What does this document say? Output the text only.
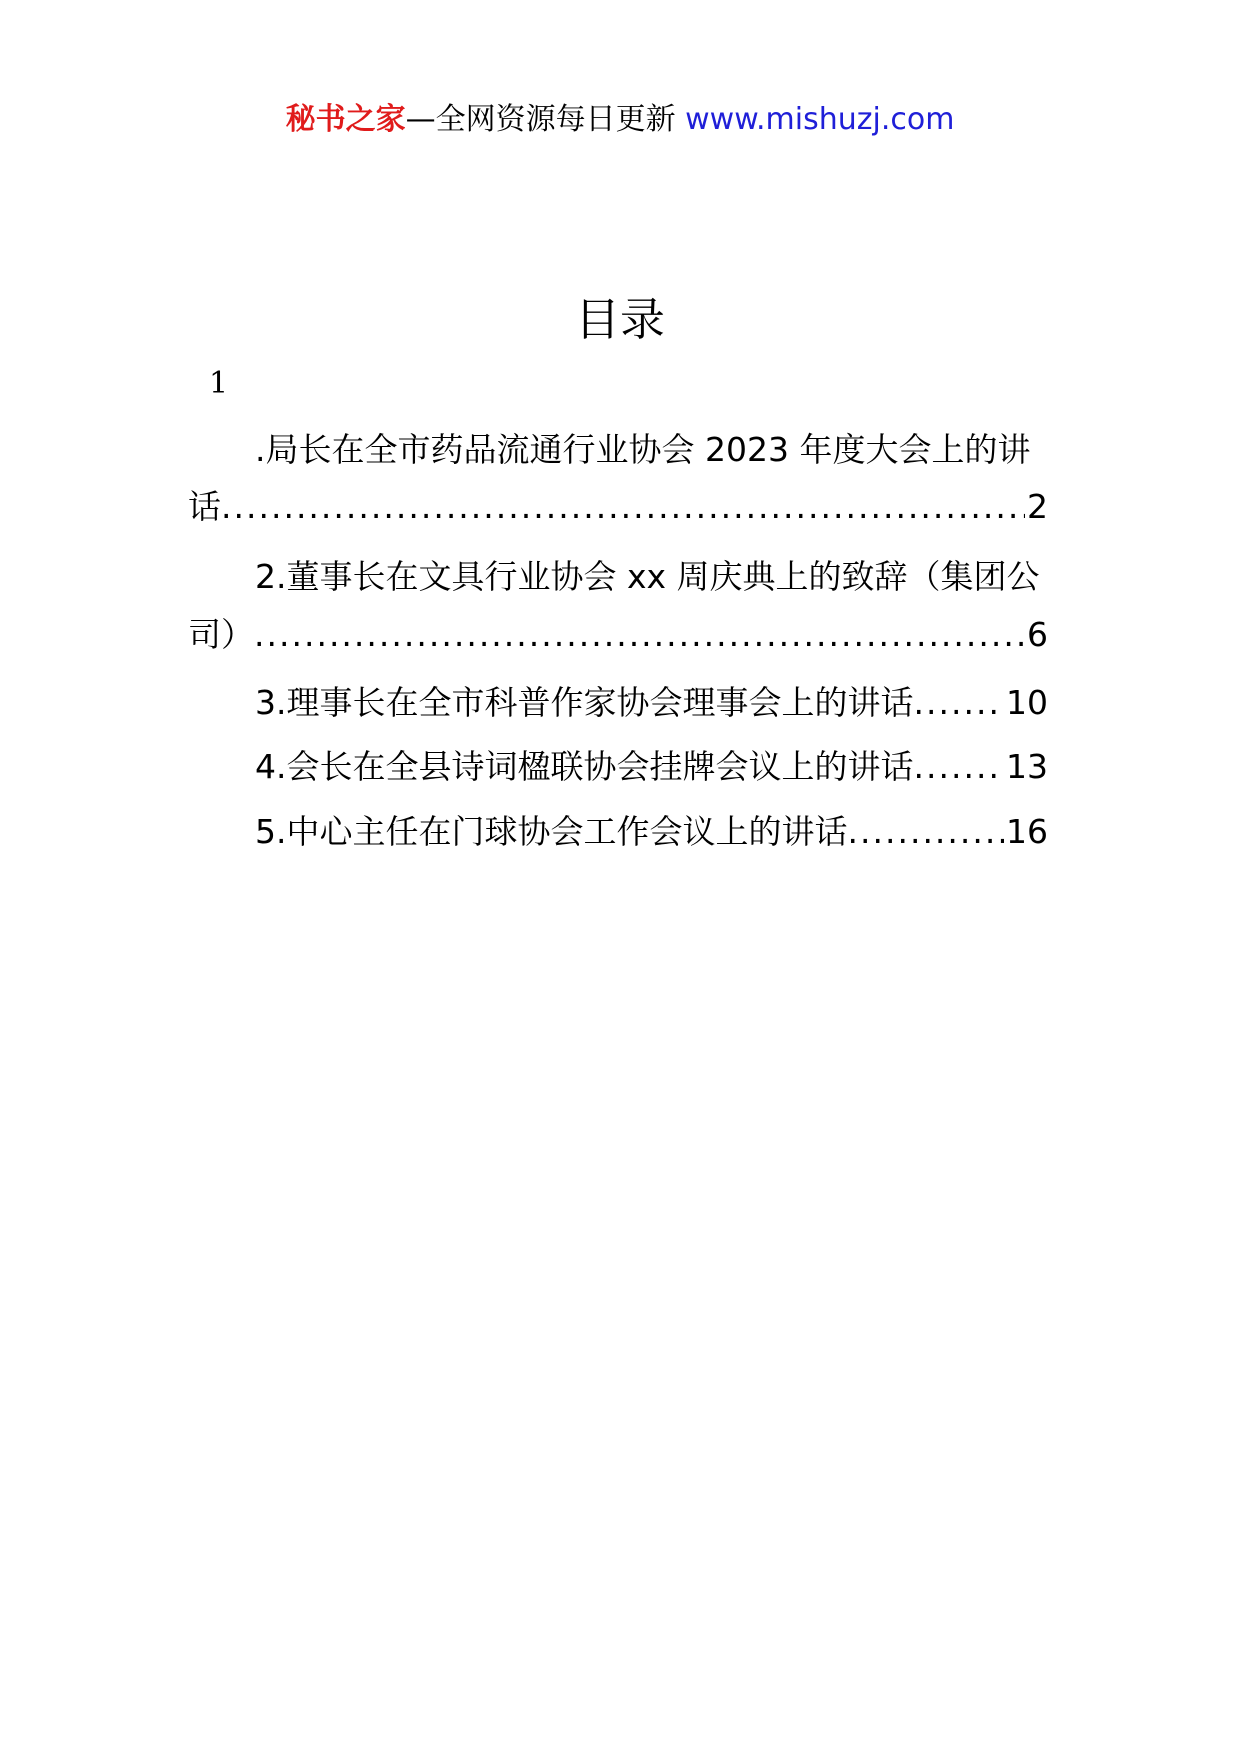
秘书之家—全网资源每日更新 www.mishuzj.com
目录
1
.局长在全市药品流通行业协会 2023 年度大会上的讲
话 .....	2
2.董事长在文具行业协会 xx 周庆典上的致辞（集团公
司） .....	6
3.理事长在全市科普作家协会理事会上的讲话 .....	10
4.会长在全县诗词楹联协会挂牌会议上的讲话 .....	13
5.中心主任在门球协会工作会议上的讲话 .....	16
